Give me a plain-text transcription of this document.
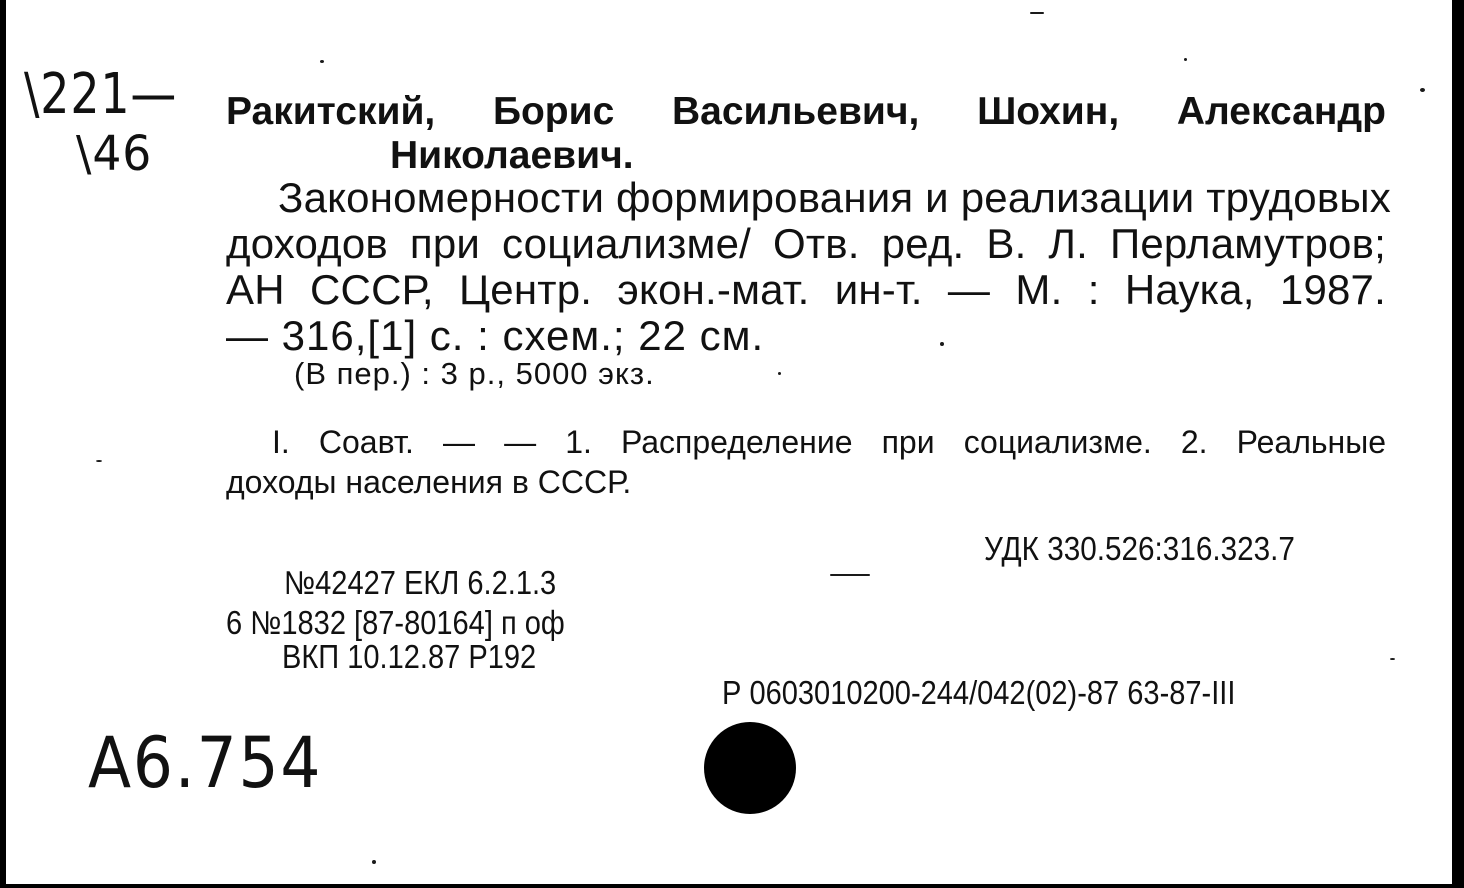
\221—
\46
Ракитский, Борис Васильевич, Шохин, Александр
Николаевич.
Закономерности формирования и реализации трудовых
доходов при социализме/ Отв. ред. В. Л. Перламутров;
АН СССР, Центр. экон.-мат. ин-т. — М. : Наука, 1987.
— 316,[1] с. : схем.; 22 см.
(В пер.) : 3 р., 5000 экз.
I. Соавт. — — 1. Распределение при социализме. 2. Реальные
доходы населения в СССР.
УДК 330.526:316.323.7
№42427 ЕКЛ 6.2.1.3
6 №1832 [87-80164] п оф
ВКП 10.12.87 Р192
Р 0603010200-244/042(02)-87 63-87-III
A6.754
